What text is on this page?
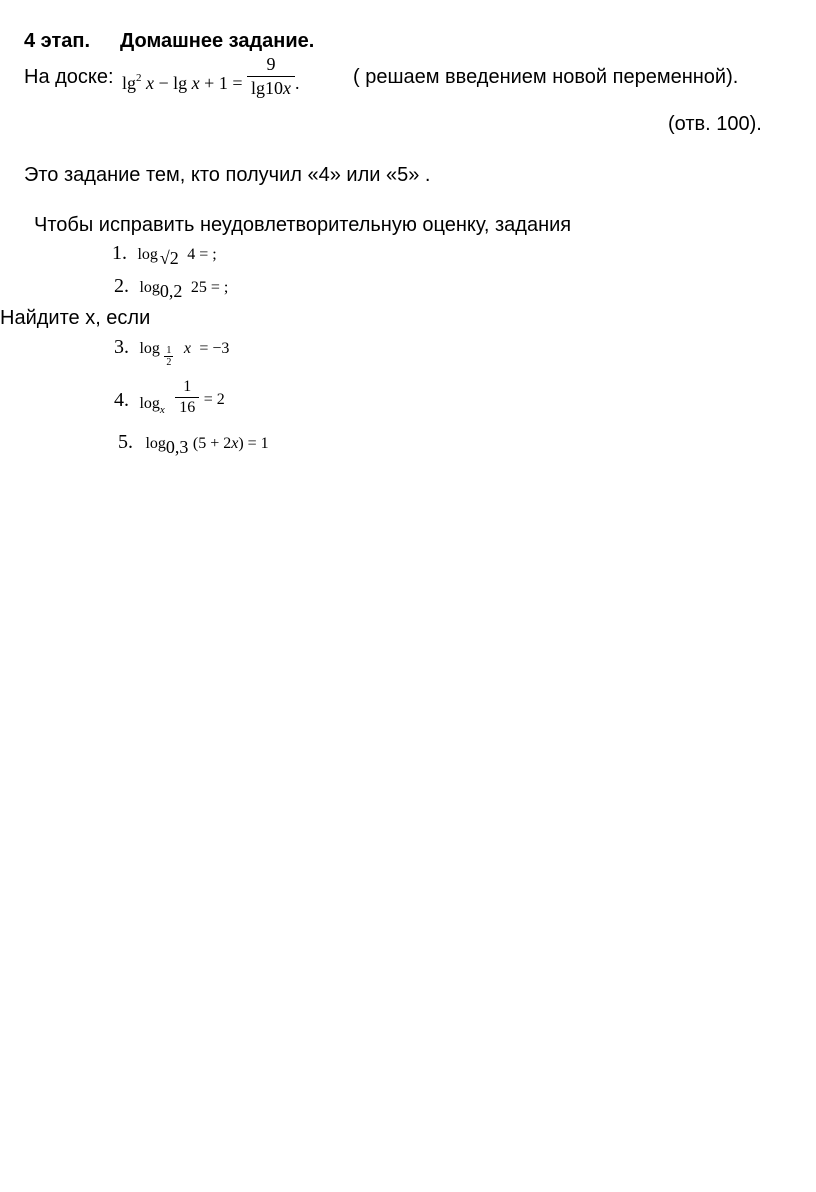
4 этап. Домашнее задание.
На доске: $\lg^2 x - \lg x + 1 = \frac{9}{\lg 10x}$ .	( решаем введением новой переменной).
(отв. 100).
Это задание тем, кто получил «4» или «5» .
Чтобы исправить неудовлетворительную оценку, задания
1. log √2 4 = ;
2. log0,2 25 = ;
Найдите x, если
3. $\log \frac{1}{2}$ x = −3
4. $\log_x \frac{1}{16} = 2$
5. log0,3 (5 + 2x) = 1
